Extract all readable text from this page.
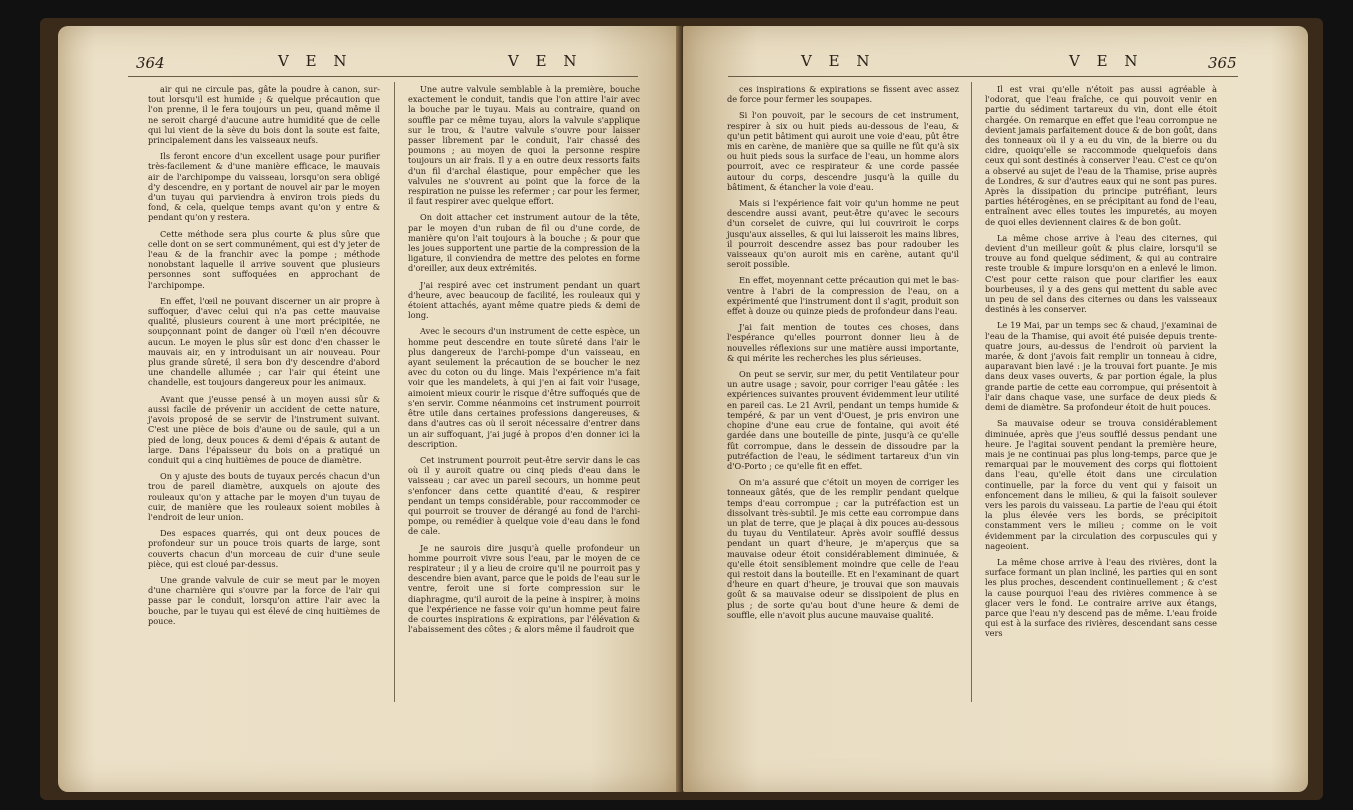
364	V E N	V E N

air qui ne circule pas, gâte la poudre à canon, sur-tout lorsqu'il est humide ; & quelque précaution que l'on prenne, il le fera toujours un peu, quand même il ne seroit chargé d'aucune autre humidité que de celle qui lui vient de la sève du bois dont la soute est faite, principalement dans les vaisseaux neufs.

Ils feront encore d'un excellent usage pour purifier très-facilement & d'une manière efficace, le mauvais air de l'archipompe du vaisseau, lorsqu'on sera obligé d'y descendre, en y portant de nouvel air par le moyen d'un tuyau qui parviendra à environ trois pieds du fond, & cela, quelque temps avant qu'on y entre & pendant qu'on y restera.

Cette méthode sera plus courte & plus sûre que celle dont on se sert communément, qui est d'y jeter de l'eau & de la franchir avec la pompe ; méthode nonobstant laquelle il arrive souvent que plusieurs personnes sont suffoquées en approchant de l'archipompe.

En effet, l'œil ne pouvant discerner un air propre à suffoquer, d'avec celui qui n'a pas cette mauvaise qualité, plusieurs courent à une mort précipitée, ne soupçonnant point de danger où l'œil n'en découvre aucun. Le moyen le plus sûr est donc d'en chasser le mauvais air, en y introduisant un air nouveau. Pour plus grande sûreté, il sera bon d'y descendre d'abord une chandelle allumée ; car l'air qui éteint une chandelle, est toujours dangereux pour les animaux.

Avant que j'eusse pensé à un moyen aussi sûr & aussi facile de prévenir un accident de cette nature, j'avois proposé de se servir de l'instrument suivant. C'est une pièce de bois d'aune ou de saule, qui a un pied de long, deux pouces & demi d'épais & autant de large. Dans l'épaisseur du bois on a pratiqué un conduit qui a cinq huitièmes de pouce de diamètre.

On y ajuste des bouts de tuyaux percés chacun d'un trou de pareil diamètre, auxquels on ajoute des rouleaux qu'on y attache par le moyen d'un tuyau de cuir, de manière que les rouleaux soient mobiles à l'endroit de leur union.

Des espaces quarrés, qui ont deux pouces de profondeur sur un pouce trois quarts de large, sont couverts chacun d'un morceau de cuir d'une seule pièce, qui est cloué par-dessus.

Une grande valvule de cuir se meut par le moyen d'une charnière qui s'ouvre par la force de l'air qui passe par le conduit, lorsqu'on attire l'air avec la bouche, par le tuyau qui est élevé de cinq huitièmes de pouce.

Une autre valvule semblable à la première, bouche exactement le conduit, tandis que l'on attire l'air avec la bouche par le tuyau. Mais au contraire, quand on souffle par ce même tuyau, alors la valvule s'applique sur le trou, & l'autre valvule s'ouvre pour laisser passer librement par le conduit, l'air chassé des poumons ; au moyen de quoi la personne respire toujours un air frais. Il y a en outre deux ressorts faits d'un fil d'archal élastique, pour empêcher que les valvules ne s'ouvrent au point que la force de la respiration ne puisse les refermer ; car pour les fermer, il faut respirer avec quelque effort.

On doit attacher cet instrument autour de la tête, par le moyen d'un ruban de fil ou d'une corde, de manière qu'on l'ait toujours à la bouche ; & pour que les joues supportent une partie de la compression de la ligature, il conviendra de mettre des pelotes en forme d'oreiller, aux deux extrémités.

J'ai respiré avec cet instrument pendant un quart d'heure, avec beaucoup de facilité, les rouleaux qui y étoient attachés, ayant même quatre pieds & demi de long.

Avec le secours d'un instrument de cette espèce, un homme peut descendre en toute sûreté dans l'air le plus dangereux de l'archi-pompe d'un vaisseau, en ayant seulement la précaution de se boucher le nez avec du coton ou du linge. Mais l'expérience m'a fait voir que les mandelets, à qui j'en ai fait voir l'usage, aimoient mieux courir le risque d'être suffoqués que de s'en servir. Comme néanmoins cet instrument pourroit être utile dans certaines professions dangereuses, & dans d'autres cas où il seroit nécessaire d'entrer dans un air suffoquant, j'ai jugé à propos d'en donner ici la description.

Cet instrument pourroit peut-être servir dans le cas où il y auroit quatre ou cinq pieds d'eau dans le vaisseau ; car avec un pareil secours, un homme peut s'enfoncer dans cette quantité d'eau, & respirer pendant un temps considérable, pour raccommoder ce qui pourroit se trouver de dérangé au fond de l'archi-pompe, ou remédier à quelque voie d'eau dans le fond de cale.

Je ne saurois dire jusqu'à quelle profondeur un homme pourroit vivre sous l'eau, par le moyen de ce respirateur ; il y a lieu de croire qu'il ne pourroit pas y descendre bien avant, parce que le poids de l'eau sur le ventre, feroit une si forte compression sur le diaphragme, qu'il auroit de la peine à inspirer, à moins que l'expérience ne fasse voir qu'un homme peut faire de courtes inspirations & expirations, par l'élévation & l'abaissement des côtes ; & alors même il faudroit que

V E N	V E N	365

ces inspirations & expirations se fissent avec assez de force pour fermer les soupapes.

Si l'on pouvoit, par le secours de cet instrument, respirer à six ou huit pieds au-dessous de l'eau, & qu'un petit bâtiment qui auroit une voie d'eau, pût être mis en carène, de manière que sa quille ne fût qu'à six ou huit pieds sous la surface de l'eau, un homme alors pourroit, avec ce respirateur & une corde passée autour du corps, descendre jusqu'à la quille du bâtiment, & étancher la voie d'eau.

Mais si l'expérience fait voir qu'un homme ne peut descendre aussi avant, peut-être qu'avec le secours d'un corselet de cuivre, qui lui couvriroit le corps jusqu'aux aisselles, & qui lui laisseroit les mains libres, il pourroit descendre assez bas pour radouber les vaisseaux qu'on auroit mis en carène, autant qu'il seroit possible.

En effet, moyennant cette précaution qui met le bas-ventre à l'abri de la compression de l'eau, on a expérimenté que l'instrument dont il s'agit, produit son effet à douze ou quinze pieds de profondeur dans l'eau.

J'ai fait mention de toutes ces choses, dans l'espérance qu'elles pourront donner lieu à de nouvelles réflexions sur une matière aussi importante, & qui mérite les recherches les plus sérieuses.

On peut se servir, sur mer, du petit Ventilateur pour un autre usage ; savoir, pour corriger l'eau gâtée : les expériences suivantes prouvent évidemment leur utilité en pareil cas. Le 21 Avril, pendant un temps humide & tempéré, & par un vent d'Ouest, je pris environ une chopine d'une eau crue de fontaine, qui avoit été gardée dans une bouteille de pinte, jusqu'à ce qu'elle fût corrompue, dans le dessein de dissoudre par la putréfaction de l'eau, le sédiment tartareux d'un vin d'O-Porto ; ce qu'elle fit en effet.

On m'a assuré que c'étoit un moyen de corriger les tonneaux gâtés, que de les remplir pendant quelque temps d'eau corrompue ; car la putréfaction est un dissolvant très-subtil. Je mis cette eau corrompue dans un plat de terre, que je plaçai à dix pouces au-dessous du tuyau du Ventilateur. Après avoir soufflé dessus pendant un quart d'heure, je m'aperçus que sa mauvaise odeur étoit considérablement diminuée, & qu'elle étoit sensiblement moindre que celle de l'eau qui restoit dans la bouteille. Et en l'examinant de quart d'heure en quart d'heure, je trouvai que son mauvais goût & sa mauvaise odeur se dissipoient de plus en plus ; de sorte qu'au bout d'une heure & demi de souffle, elle n'avoit plus aucune mauvaise qualité.

Il est vrai qu'elle n'étoit pas aussi agréable à l'odorat, que l'eau fraîche, ce qui pouvoit venir en partie du sédiment tartareux du vin, dont elle étoit chargée. On remarque en effet que l'eau corrompue ne devient jamais parfaitement douce & de bon goût, dans des tonneaux où il y a eu du vin, de la bierre ou du cidre, quoiqu'elle se raccommode quelquefois dans ceux qui sont destinés à conserver l'eau. C'est ce qu'on a observé au sujet de l'eau de la Thamise, prise auprès de Londres, & sur d'autres eaux qui ne sont pas pures. Après la dissipation du principe putréfiant, leurs parties hétérogènes, en se précipitant au fond de l'eau, entraînent avec elles toutes les impuretés, au moyen de quoi elles deviennent claires & de bon goût.

La même chose arrive à l'eau des citernes, qui devient d'un meilleur goût & plus claire, lorsqu'il se trouve au fond quelque sédiment, & qui au contraire reste trouble & impure lorsqu'on en a enlevé le limon. C'est pour cette raison que pour clarifier les eaux bourbeuses, il y a des gens qui mettent du sable avec un peu de sel dans des citernes ou dans les vaisseaux destinés à les conserver.

Le 19 Mai, par un temps sec & chaud, j'examinai de l'eau de la Thamise, qui avoit été puisée depuis trente-quatre jours, au-dessus de l'endroit où parvient la marée, & dont j'avois fait remplir un tonneau à cidre, auparavant bien lavé : je la trouvai fort puante. Je mis dans deux vases ouverts, & par portion égale, la plus grande partie de cette eau corrompue, qui présentoit à l'air dans chaque vase, une surface de deux pieds & demi de diamètre. Sa profondeur étoit de huit pouces.

Sa mauvaise odeur se trouva considérablement diminuée, après que j'eus soufflé dessus pendant une heure. Je l'agitai souvent pendant la première heure, mais je ne continuai pas plus long-temps, parce que je remarquai par le mouvement des corps qui flottoient dans l'eau, qu'elle étoit dans une circulation continuelle, par la force du vent qui y faisoit un enfoncement dans le milieu, & qui la faisoit soulever vers les parois du vaisseau. La partie de l'eau qui étoit la plus élevée vers les bords, se précipitoit constamment vers le milieu ; comme on le voit évidemment par la circulation des corpuscules qui y nageoient.

La même chose arrive à l'eau des rivières, dont la surface formant un plan incliné, les parties qui en sont les plus proches, descendent continuellement ; & c'est la cause pourquoi l'eau des rivières commence à se glacer vers le fond. Le contraire arrive aux étangs, parce que l'eau n'y descend pas de même. L'eau froide qui est à la surface des rivières, descendant sans cesse vers
